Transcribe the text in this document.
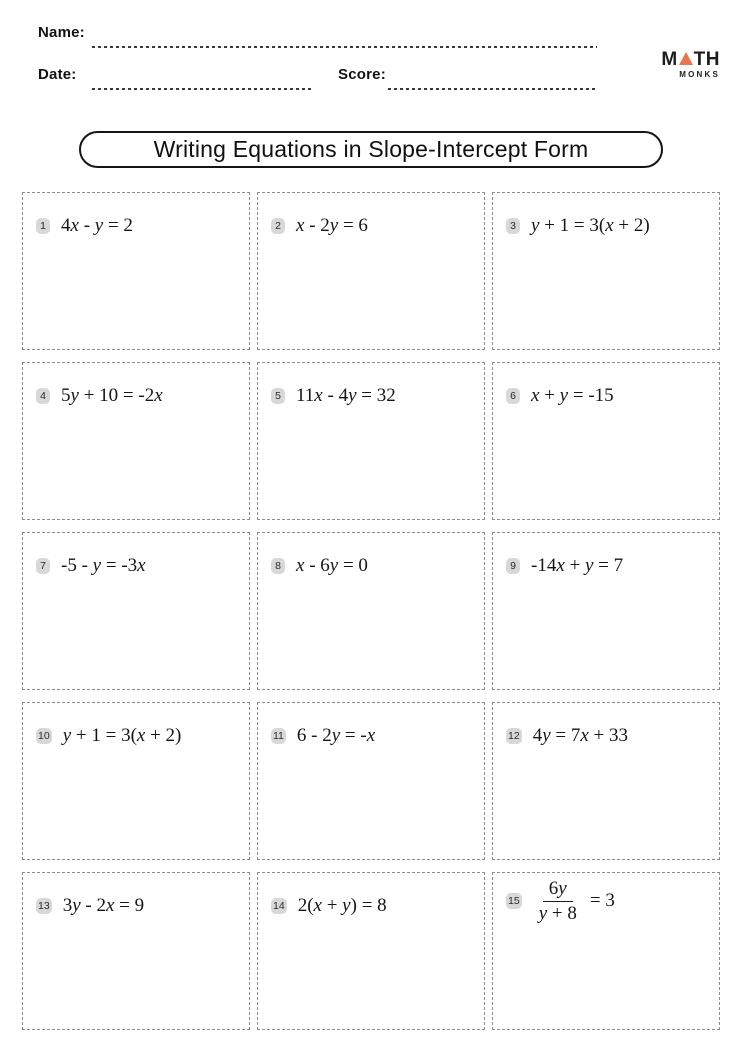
Name:
Date:	Score:
M TH
MONKS
Writing Equations in Slope-Intercept Form
1 4x - y = 2	2 x - 2y = 6	3 y + 1 = 3(x + 2)
4 5y + 10 = -2x	5 11x - 4y = 32	6 x + y = -15
7 -5 - y = -3x	8 x - 6y = 0	9 -14x + y = 7
10 y + 1 = 3(x + 2)	11 6 - 2y = -x	12 4y = 7x + 33
13 3y - 2x = 9	14 2(x + y) = 8	$15 \frac{6y}{y + 8} = 3$
